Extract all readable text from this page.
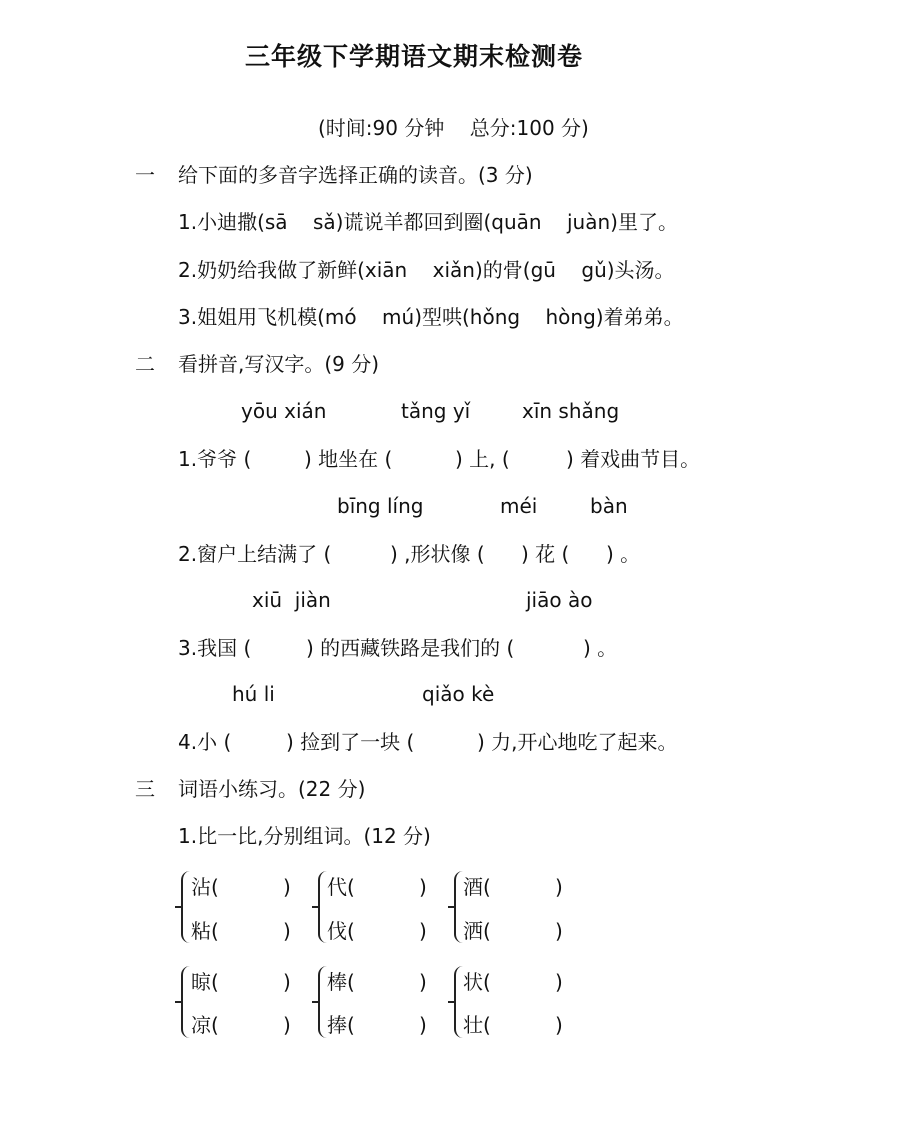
三年级下学期语文期末检测卷
(时间:90 分钟    总分:100 分)
一 给下面的多音字选择正确的读音。(3 分)
1.小迪撒(sā    sǎ)谎说羊都回到圈(quān    juàn)里了。
2.奶奶给我做了新鲜(xiān    xiǎn)的骨(gū    gǔ)头汤。
3.姐姐用飞机模(mó    mú)型哄(hǒng    hòng)着弟弟。
二 看拼音,写汉字。(9 分)
yōu xián	tǎng yǐ	xīn shǎng
1.爷爷 (	) 地坐在 (	) 上, (	) 着戏曲节目。
bīng líng	méi	bàn
2.窗户上结满了 (	) ,形状像 ( ) 花 ( ) 。
xiū  jiàn	jiāo ào
3.我国 (	) 的西藏铁路是我们的 (	) 。
hú li	qiǎo kè
4.小 (	) 捡到了一块 (	) 力,开心地吃了起来。
三 词语小练习。(22 分)
1.比一比,分别组词。(12 分)
沾(	)
粘(	)
代(	)
伐(	)
酒(	)
洒(	)
晾(	)
凉(	)
棒(	)
捧(	)
状(	)
壮(	)
